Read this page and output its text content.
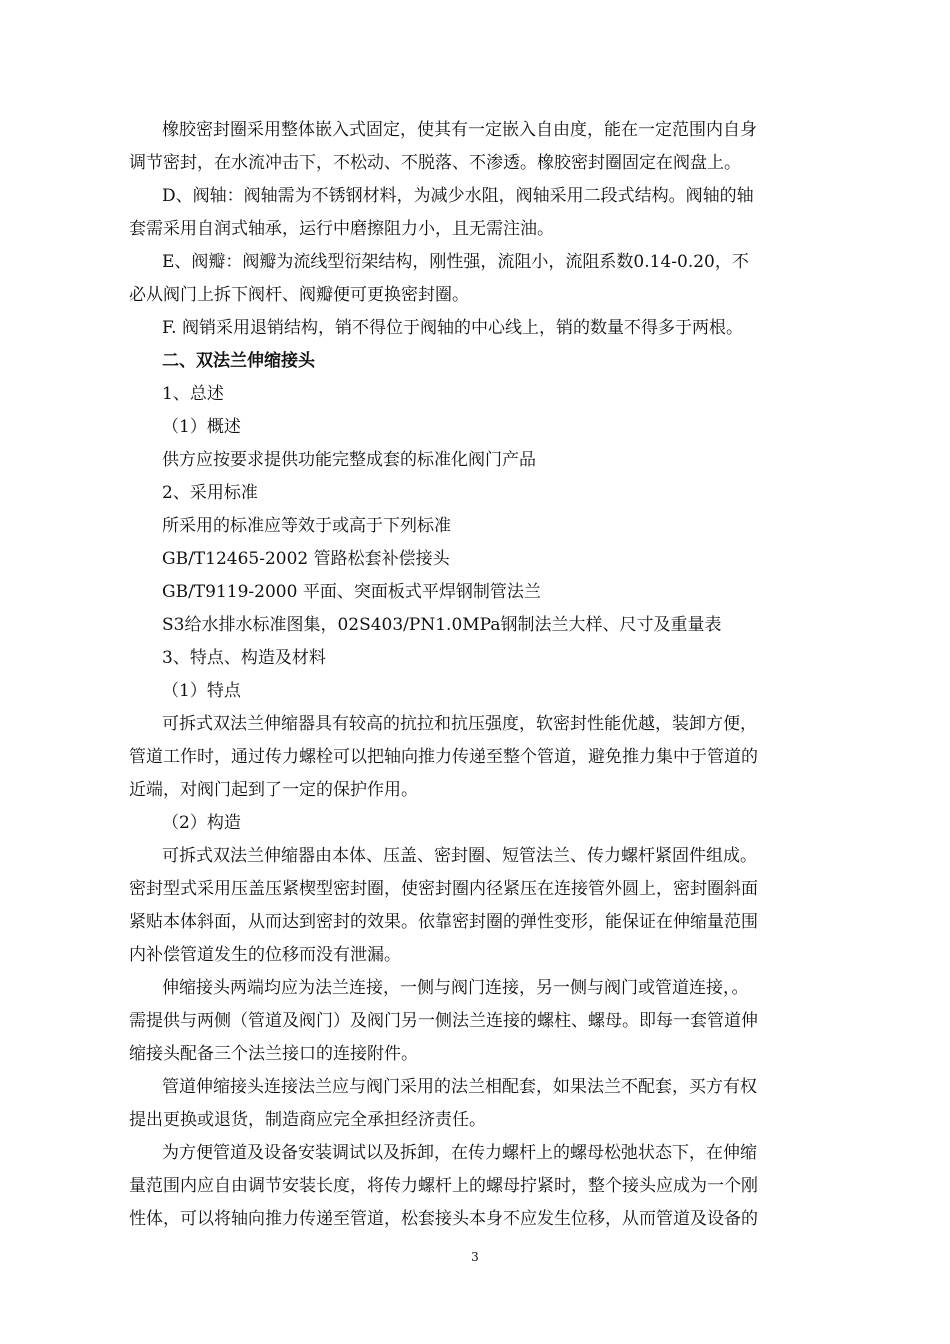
橡胶密封圈采用整体嵌入式固定，使其有一定嵌入自由度，能在一定范围内自身
调节密封，在水流冲击下，不松动、不脱落、不渗透。橡胶密封圈固定在阀盘上。
D、阀轴：阀轴需为不锈钢材料，为减少水阻，阀轴采用二段式结构。阀轴的轴
套需采用自润式轴承，运行中磨擦阻力小，且无需注油。
E、阀瓣：阀瓣为流线型衍架结构，刚性强，流阻小，流阻系数0.14-0.20，不
必从阀门上拆下阀杆、阀瓣便可更换密封圈。
F. 阀销采用退销结构，销不得位于阀轴的中心线上，销的数量不得多于两根。
二、双法兰伸缩接头
1、总述
（1）概述
供方应按要求提供功能完整成套的标准化阀门产品
2、采用标准
所采用的标准应等效于或高于下列标准
GB/T12465-2002 管路松套补偿接头
GB/T9119-2000 平面、突面板式平焊钢制管法兰
S3给水排水标准图集，02S403/PN1.0MPa钢制法兰大样、尺寸及重量表
3、特点、构造及材料
（1）特点
可拆式双法兰伸缩器具有较高的抗拉和抗压强度，软密封性能优越，装卸方便，
管道工作时，通过传力螺栓可以把轴向推力传递至整个管道，避免推力集中于管道的
近端，对阀门起到了一定的保护作用。
（2）构造
可拆式双法兰伸缩器由本体、压盖、密封圈、短管法兰、传力螺杆紧固件组成。
密封型式采用压盖压紧楔型密封圈，使密封圈内径紧压在连接管外圆上，密封圈斜面
紧贴本体斜面，从而达到密封的效果。依靠密封圈的弹性变形，能保证在伸缩量范围
内补偿管道发生的位移而没有泄漏。
伸缩接头两端均应为法兰连接，一侧与阀门连接，另一侧与阀门或管道连接，。
需提供与两侧（管道及阀门）及阀门另一侧法兰连接的螺柱、螺母。即每一套管道伸
缩接头配备三个法兰接口的连接附件。
管道伸缩接头连接法兰应与阀门采用的法兰相配套，如果法兰不配套，买方有权
提出更换或退货，制造商应完全承担经济责任。
为方便管道及设备安装调试以及拆卸，在传力螺杆上的螺母松弛状态下，在伸缩
量范围内应自由调节安装长度，将传力螺杆上的螺母拧紧时，整个接头应成为一个刚
性体，可以将轴向推力传递至管道，松套接头本身不应发生位移，从而管道及设备的
3
